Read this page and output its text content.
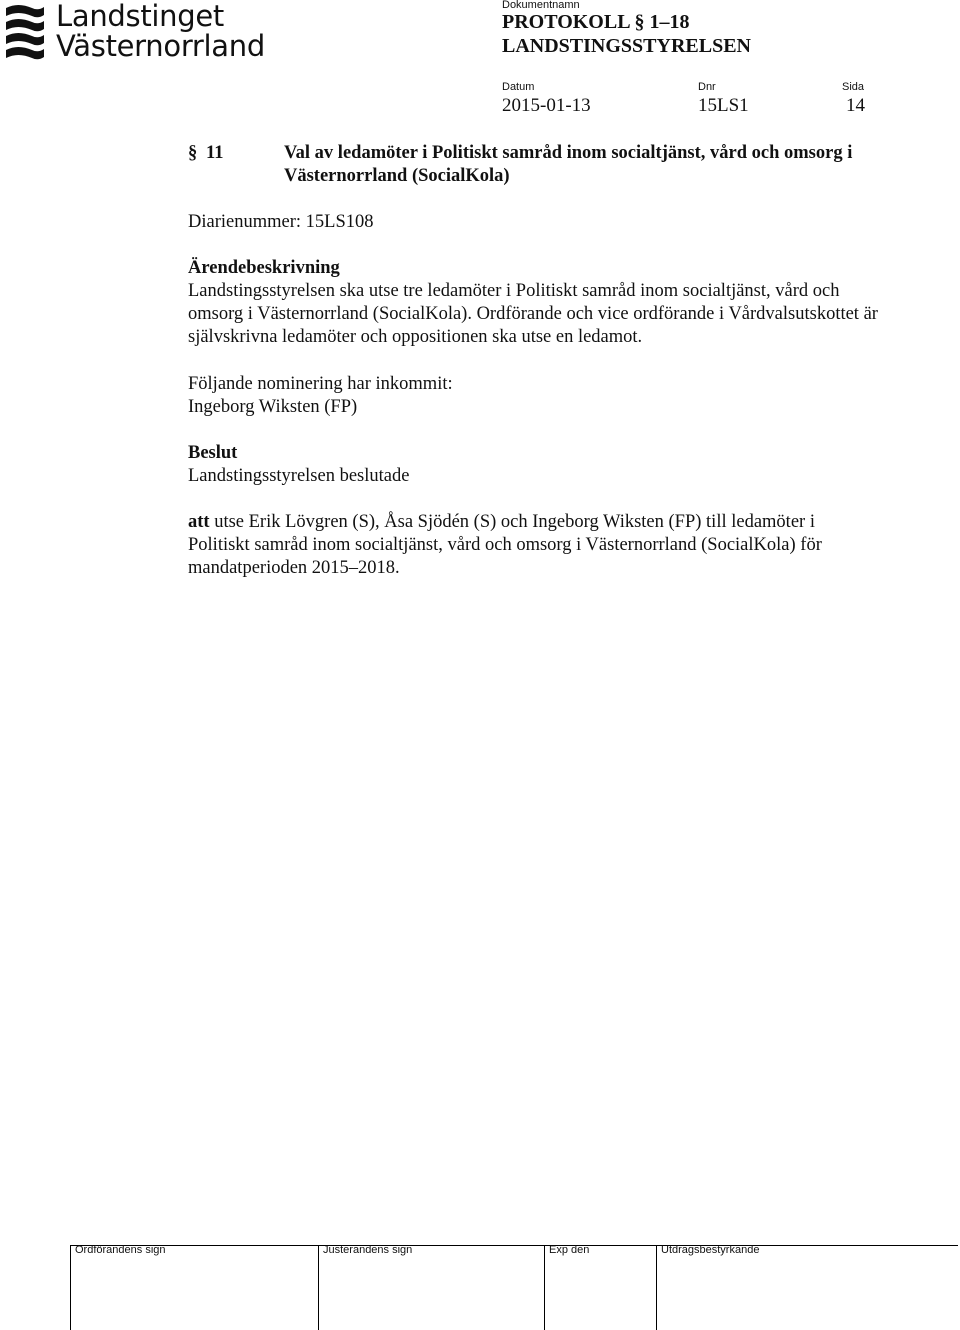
Landstinget
Västernorrland
Dokumentnamn
PROTOKOLL § 1–18
LANDSTINGSSTYRELSEN
Datum	Dnr	Sida
2015-01-13	15LS1	14
§ 11	Val av ledamöter i Politiskt samråd inom socialtjänst, vård och omsorg i Västernorrland (SocialKola)
Diarienummer: 15LS108
Ärendebeskrivning
Landstingsstyrelsen ska utse tre ledamöter i Politiskt samråd inom socialtjänst, vård och omsorg i Västernorrland (SocialKola). Ordförande och vice ordförande i Vårdvalsutskottet är självskrivna ledamöter och oppositionen ska utse en ledamot.
Följande nominering har inkommit:
Ingeborg Wiksten (FP)
Beslut
Landstingsstyrelsen beslutade
att utse Erik Lövgren (S), Åsa Sjödén (S) och Ingeborg Wiksten (FP) till ledamöter i Politiskt samråd inom socialtjänst, vård och omsorg i Västernorrland (SocialKola) för mandatperioden 2015–2018.
Ordförandens sign	Justerandens sign	Exp den	Utdragsbestyrkande
